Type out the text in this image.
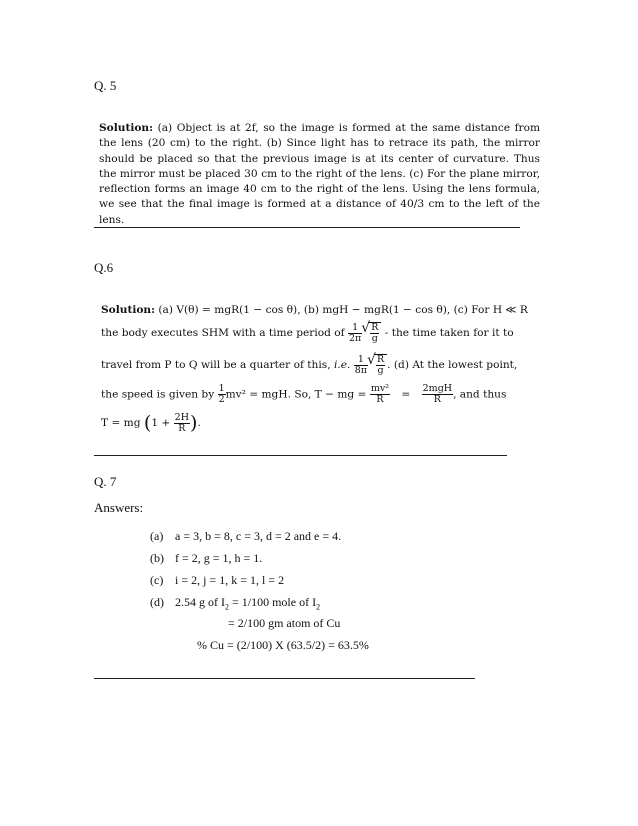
Q. 5
Solution: (a) Object is at 2f, so the image is formed at the same distance from the lens (20 cm) to the right. (b) Since light has to retrace its path, the mirror should be placed so that the previous image is at its center of curvature. Thus the mirror must be placed 30 cm to the right of the lens. (c) For the plane mirror, reflection forms an image 40 cm to the right of the lens. Using the lens formula, we see that the final image is formed at a distance of 40/3 cm to the left of the lens.
Q.6
Solution: (a) V(θ) = mgR(1 − cos θ), (b) mgH − mgR(1 − cos θ), (c) For H ≪ R
the body executes SHM with a time period of $\frac{1}{2\pi}$ √ $\frac{R}{g}$ - the time taken for it to
travel from P to Q will be a quarter of this, i.e. $\frac{1}{8\pi}$ √ $\frac{R}{g}$ . (d) At the lowest point,
the speed is given by $\frac{1}{2} mv^2$ = mgH. So, T − mg = $\frac{\text{mv²}}{R} = \frac{\text{2mgH}}{R}$ , and thus
T = mg ($1 + \frac{2H}{R}$ ).
Q. 7
Answers:
(a) a = 3, b = 8, c = 3, d = 2 and e = 4.
(b) f = 2, g = 1, h = 1.
(c) i = 2, j = 1, k = 1, l = 2
(d) 2.54 g of $I_2 = 1/100$ mole of $I_2$
= 2/100 gm atom of Cu
% Cu = (2/100) X (63.5/2) = 63.5%
